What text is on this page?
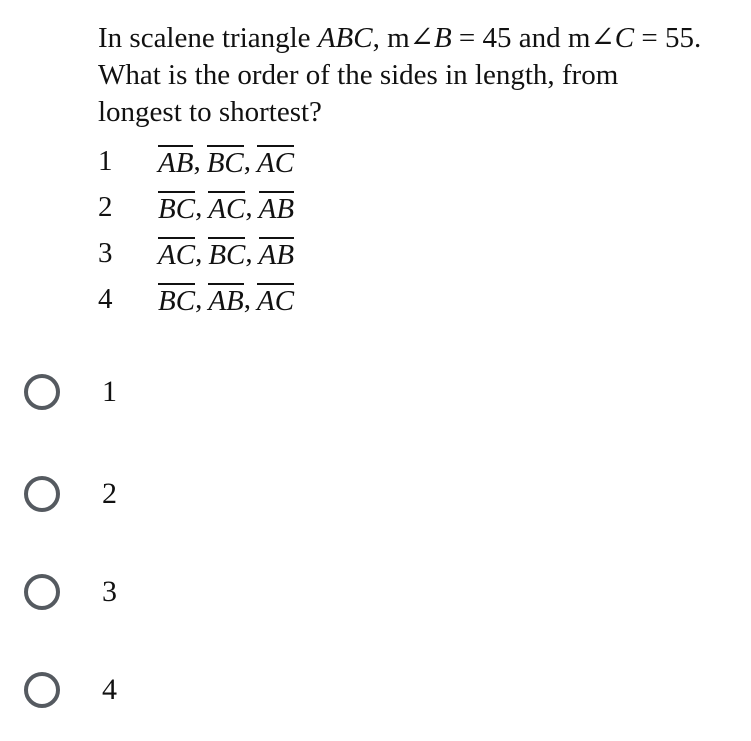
In scalene triangle ABC, m∠B = 45 and m∠C = 55.

What is the order of the sides in length, from

longest to shortest?

1	AB , BC , AC
2	BC , AC , AB
3	AC , BC , AB
4	BC , AB , AC
1
2
3
4
